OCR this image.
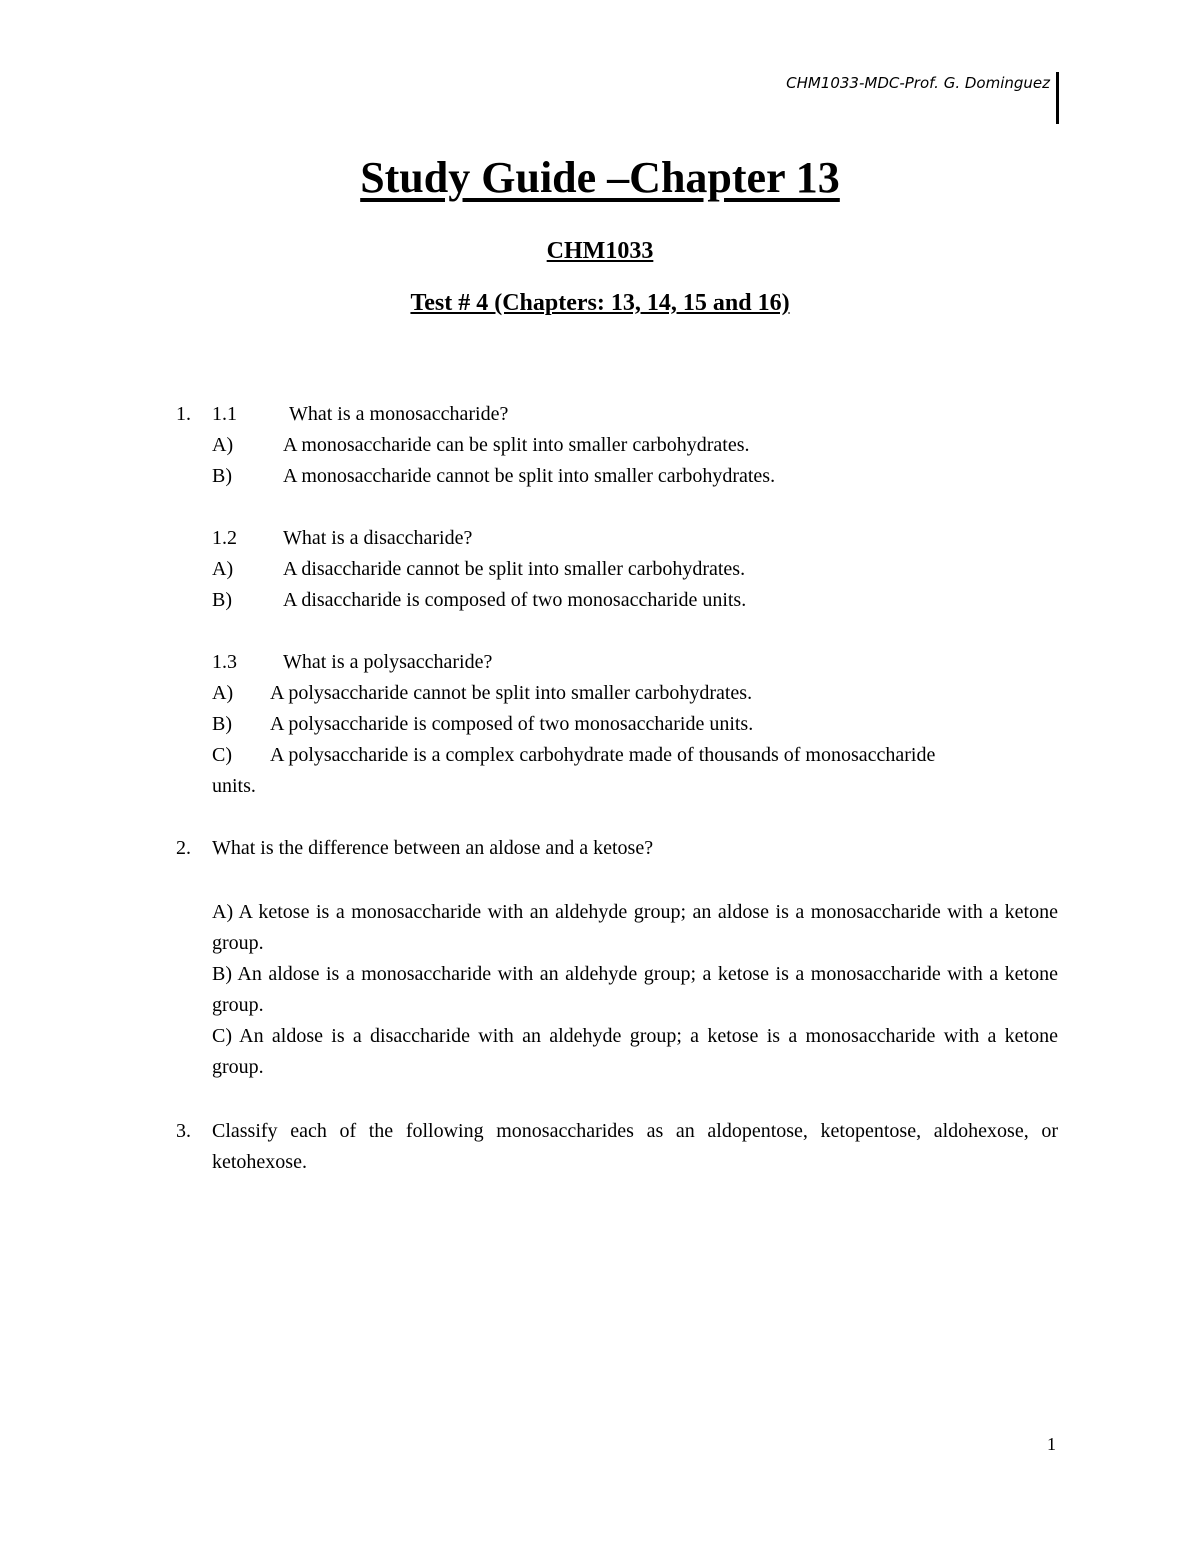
CHM1033-MDC-Prof. G. Dominguez
Study Guide –Chapter 13
CHM1033
Test # 4 (Chapters: 13, 14, 15 and 16)
1. 1.1	What is a monosaccharide?
A) A monosaccharide can be split into smaller carbohydrates.
B)	A monosaccharide cannot be split into smaller carbohydrates.
1.2 What is a disaccharide?
A) A disaccharide cannot be split into smaller carbohydrates.
B)	A disaccharide is composed of two monosaccharide units.
1.3 What is a polysaccharide?
A) A polysaccharide cannot be split into smaller carbohydrates.
B) A polysaccharide is composed of two monosaccharide units.
C) A polysaccharide is a complex carbohydrate made of thousands of monosaccharide
units.
2. What is the difference between an aldose and a ketose?
A) A ketose is a monosaccharide with an aldehyde group; an aldose is a monosaccharide with a ketone group.
B) An aldose is a monosaccharide with an aldehyde group; a ketose is a monosaccharide with a ketone group.
C) An aldose is a disaccharide with an aldehyde group; a ketose is a monosaccharide with a ketone group.
3. Classify each of the following monosaccharides as an aldopentose, ketopentose, aldohexose, or ketohexose.
1
